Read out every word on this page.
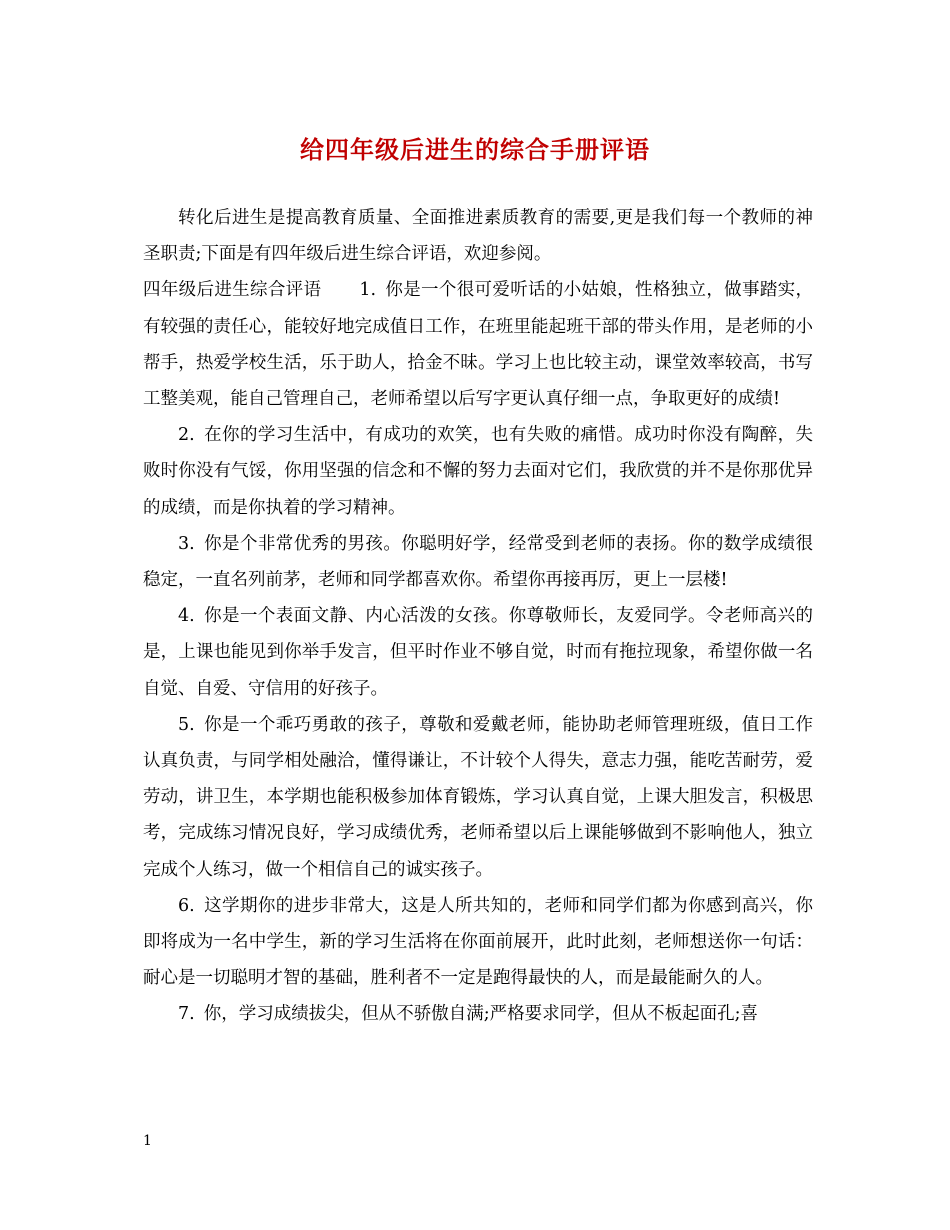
给四年级后进生的综合手册评语

转化后进生是提高教育质量、全面推进素质教育的需要,更是我们每一个教师的神圣职责;下面是有四年级后进生综合评语，欢迎参阅。

四年级后进生综合评语 1. 你是一个很可爱听话的小姑娘，性格独立，做事踏实，有较强的责任心，能较好地完成值日工作，在班里能起班干部的带头作用，是老师的小帮手，热爱学校生活，乐于助人，拾金不昧。学习上也比较主动，课堂效率较高，书写工整美观，能自己管理自己，老师希望以后写字更认真仔细一点，争取更好的成绩!

2. 在你的学习生活中，有成功的欢笑，也有失败的痛惜。成功时你没有陶醉，失败时你没有气馁，你用坚强的信念和不懈的努力去面对它们，我欣赏的并不是你那优异的成绩，而是你执着的学习精神。

3. 你是个非常优秀的男孩。你聪明好学，经常受到老师的表扬。你的数学成绩很稳定，一直名列前茅，老师和同学都喜欢你。希望你再接再厉，更上一层楼!

4. 你是一个表面文静、内心活泼的女孩。你尊敬师长，友爱同学。令老师高兴的是，上课也能见到你举手发言，但平时作业不够自觉，时而有拖拉现象，希望你做一名自觉、自爱、守信用的好孩子。

5. 你是一个乖巧勇敢的孩子，尊敬和爱戴老师，能协助老师管理班级，值日工作认真负责，与同学相处融洽，懂得谦让，不计较个人得失，意志力强，能吃苦耐劳，爱劳动，讲卫生，本学期也能积极参加体育锻炼，学习认真自觉，上课大胆发言，积极思考，完成练习情况良好，学习成绩优秀，老师希望以后上课能够做到不影响他人，独立完成个人练习，做一个相信自己的诚实孩子。

6. 这学期你的进步非常大，这是人所共知的，老师和同学们都为你感到高兴，你即将成为一名中学生，新的学习生活将在你面前展开，此时此刻，老师想送你一句话：耐心是一切聪明才智的基础，胜利者不一定是跑得最快的人，而是最能耐久的人。

7. 你，学习成绩拔尖，但从不骄傲自满;严格要求同学，但从不板起面孔;喜

1
